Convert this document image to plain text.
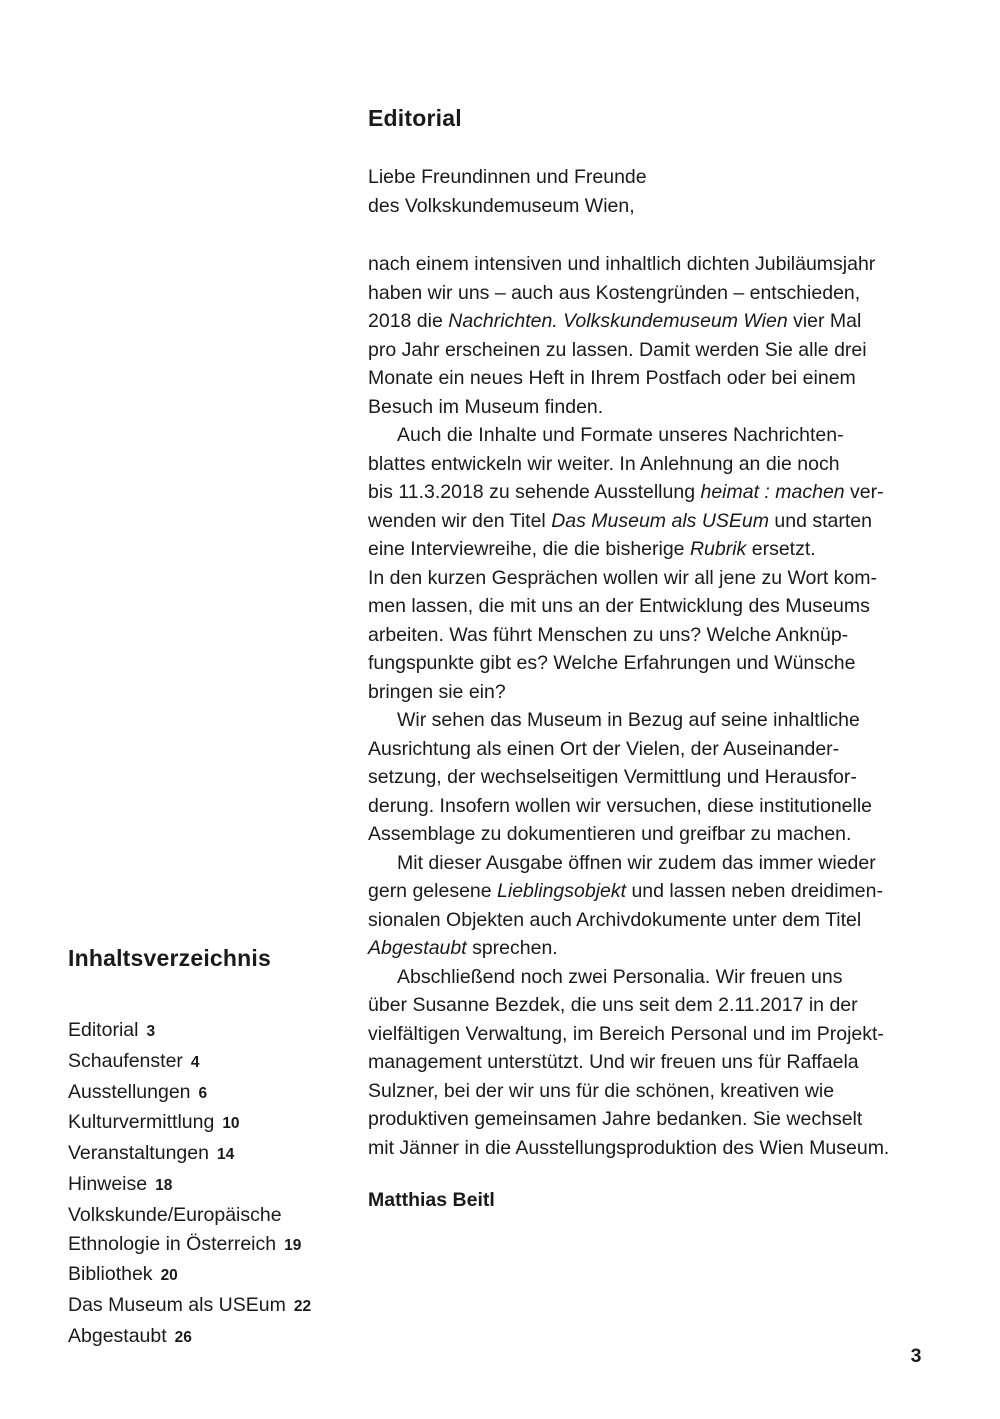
Editorial
Liebe Freundinnen und Freunde
des Volkskundemuseum Wien,
nach einem intensiven und inhaltlich dichten Jubiläumsjahr
haben wir uns – auch aus Kostengründen – entschieden,
2018 die Nachrichten. Volkskundemuseum Wien vier Mal
pro Jahr erscheinen zu lassen. Damit werden Sie alle drei
Monate ein neues Heft in Ihrem Postfach oder bei einem
Besuch im Museum finden.
Auch die Inhalte und Formate unseres Nachrichten-
blattes entwickeln wir weiter. In Anlehnung an die noch
bis 11.3.2018 zu sehende Ausstellung heimat : machen ver-
wenden wir den Titel Das Museum als USEum und starten
eine Interviewreihe, die die bisherige Rubrik ersetzt.
In den kurzen Gesprächen wollen wir all jene zu Wort kom-
men lassen, die mit uns an der Entwicklung des Museums
arbeiten. Was führt Menschen zu uns? Welche Anknüp-
fungspunkte gibt es? Welche Erfahrungen und Wünsche
bringen sie ein?
Wir sehen das Museum in Bezug auf seine inhaltliche
Ausrichtung als einen Ort der Vielen, der Auseinander-
setzung, der wechselseitigen Vermittlung und Herausfor-
derung. Insofern wollen wir versuchen, diese institutionelle
Assemblage zu dokumentieren und greifbar zu machen.
Mit dieser Ausgabe öffnen wir zudem das immer wieder
gern gelesene Lieblingsobjekt und lassen neben dreidimen-
sionalen Objekten auch Archivdokumente unter dem Titel
Abgestaubt sprechen.
Abschließend noch zwei Personalia. Wir freuen uns
über Susanne Bezdek, die uns seit dem 2.11.2017 in der
vielfältigen Verwaltung, im Bereich Personal und im Projekt-
management unterstützt. Und wir freuen uns für Raffaela
Sulzner, bei der wir uns für die schönen, kreativen wie
produktiven gemeinsamen Jahre bedanken. Sie wechselt
mit Jänner in die Ausstellungsproduktion des Wien Museum.
Matthias Beitl
Inhaltsverzeichnis
Editorial 3
Schaufenster 4
Ausstellungen 6
Kulturvermittlung 10
Veranstaltungen 14
Hinweise 18
Volkskunde/Europäische
Ethnologie in Österreich 19
Bibliothek 20
Das Museum als USEum 22
Abgestaubt 26
3
